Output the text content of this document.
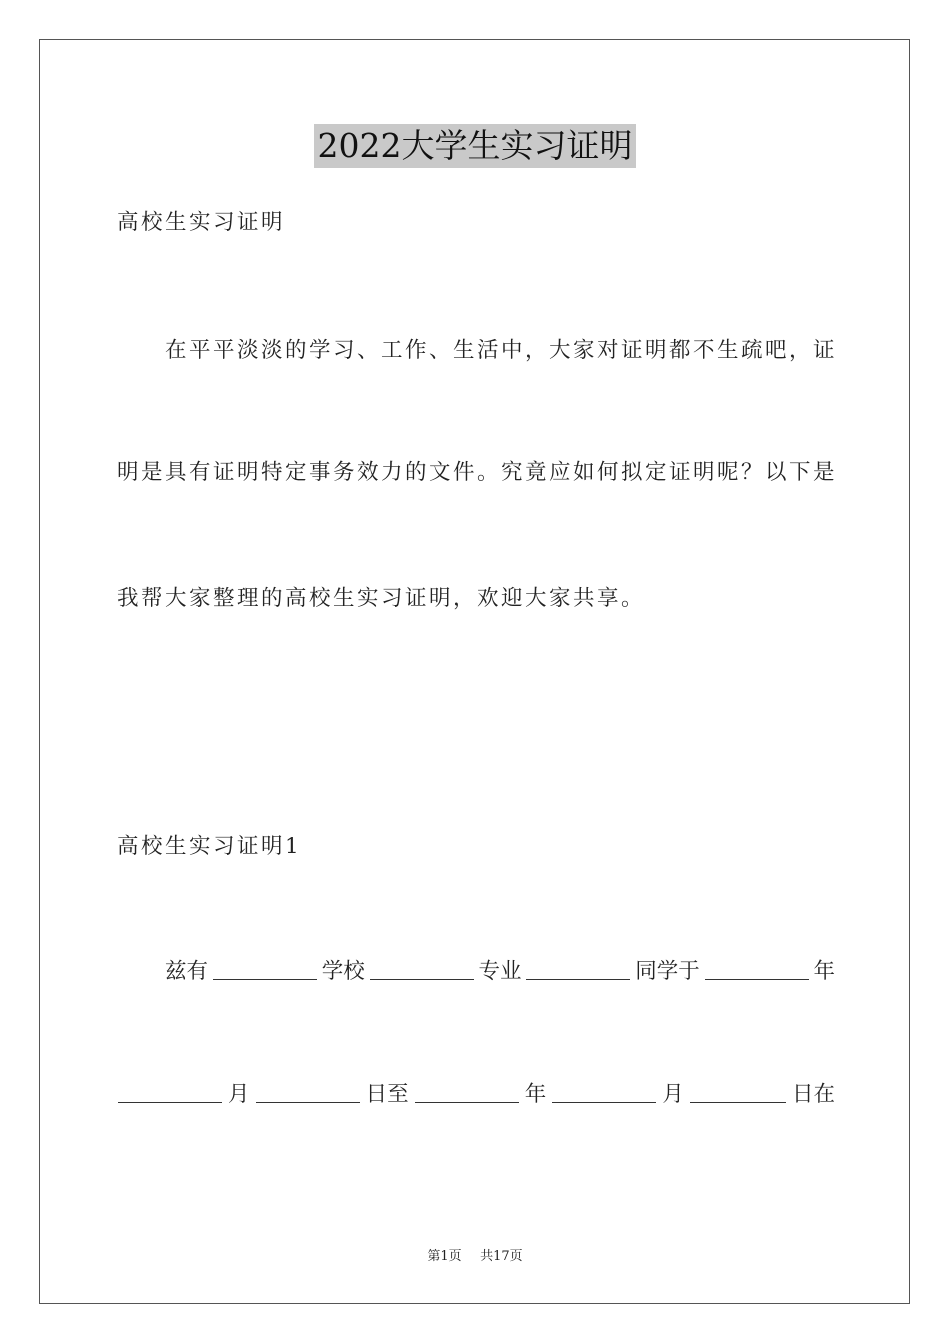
2022大学生实习证明
高校生实习证明
在平平淡淡的学习、工作、生活中，大家对证明都不生疏吧，证
明是具有证明特定事务效力的文件。究竟应如何拟定证明呢？以下是
我帮大家整理的高校生实习证明，欢迎大家共享。
高校生实习证明1
兹有	学校	专业	同学于	年
月	日至	年	月	日在
第1页 共17页
